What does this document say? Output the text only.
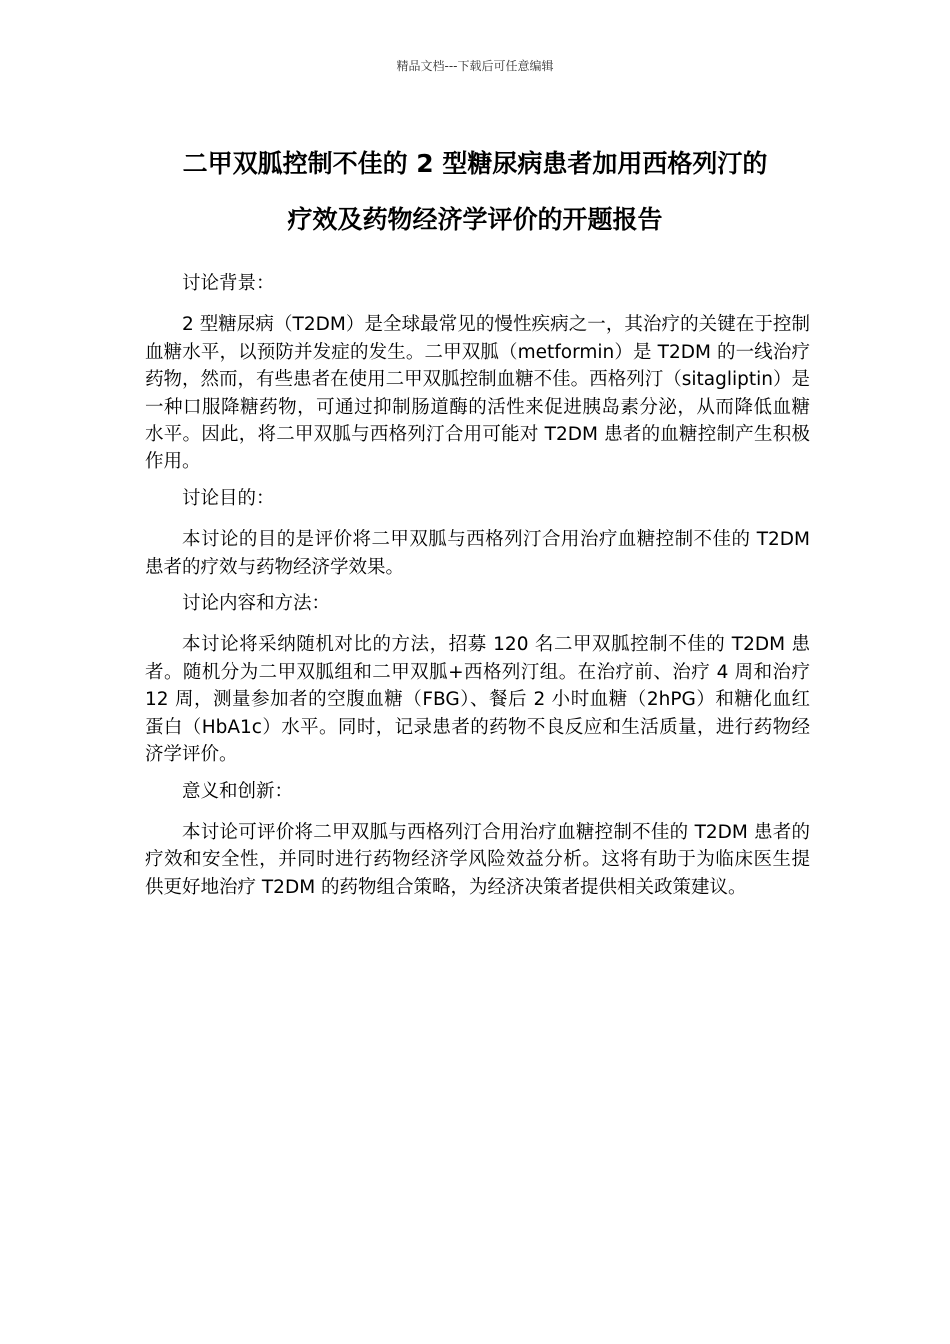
精品文档---下载后可任意编辑
二甲双胍控制不佳的 2 型糖尿病患者加用西格列汀的
疗效及药物经济学评价的开题报告

讨论背景：

2 型糖尿病（T2DM）是全球最常见的慢性疾病之一，其治疗的关键在于控制血糖水平，以预防并发症的发生。二甲双胍（metformin）是 T2DM 的一线治疗药物，然而，有些患者在使用二甲双胍控制血糖不佳。西格列汀（sitagliptin）是一种口服降糖药物，可通过抑制肠道酶的活性来促进胰岛素分泌，从而降低血糖水平。因此，将二甲双胍与西格列汀合用可能对 T2DM 患者的血糖控制产生积极作用。

讨论目的：

本讨论的目的是评价将二甲双胍与西格列汀合用治疗血糖控制不佳的 T2DM 患者的疗效与药物经济学效果。

讨论内容和方法：

本讨论将采纳随机对比的方法，招募 120 名二甲双胍控制不佳的 T2DM 患者。随机分为二甲双胍组和二甲双胍+西格列汀组。在治疗前、治疗 4 周和治疗 12 周，测量参加者的空腹血糖（FBG）、餐后 2 小时血糖（2hPG）和糖化血红蛋白（HbA1c）水平。同时，记录患者的药物不良反应和生活质量，进行药物经济学评价。

意义和创新：

本讨论可评价将二甲双胍与西格列汀合用治疗血糖控制不佳的 T2DM 患者的疗效和安全性，并同时进行药物经济学风险效益分析。这将有助于为临床医生提供更好地治疗 T2DM 的药物组合策略，为经济决策者提供相关政策建议。
